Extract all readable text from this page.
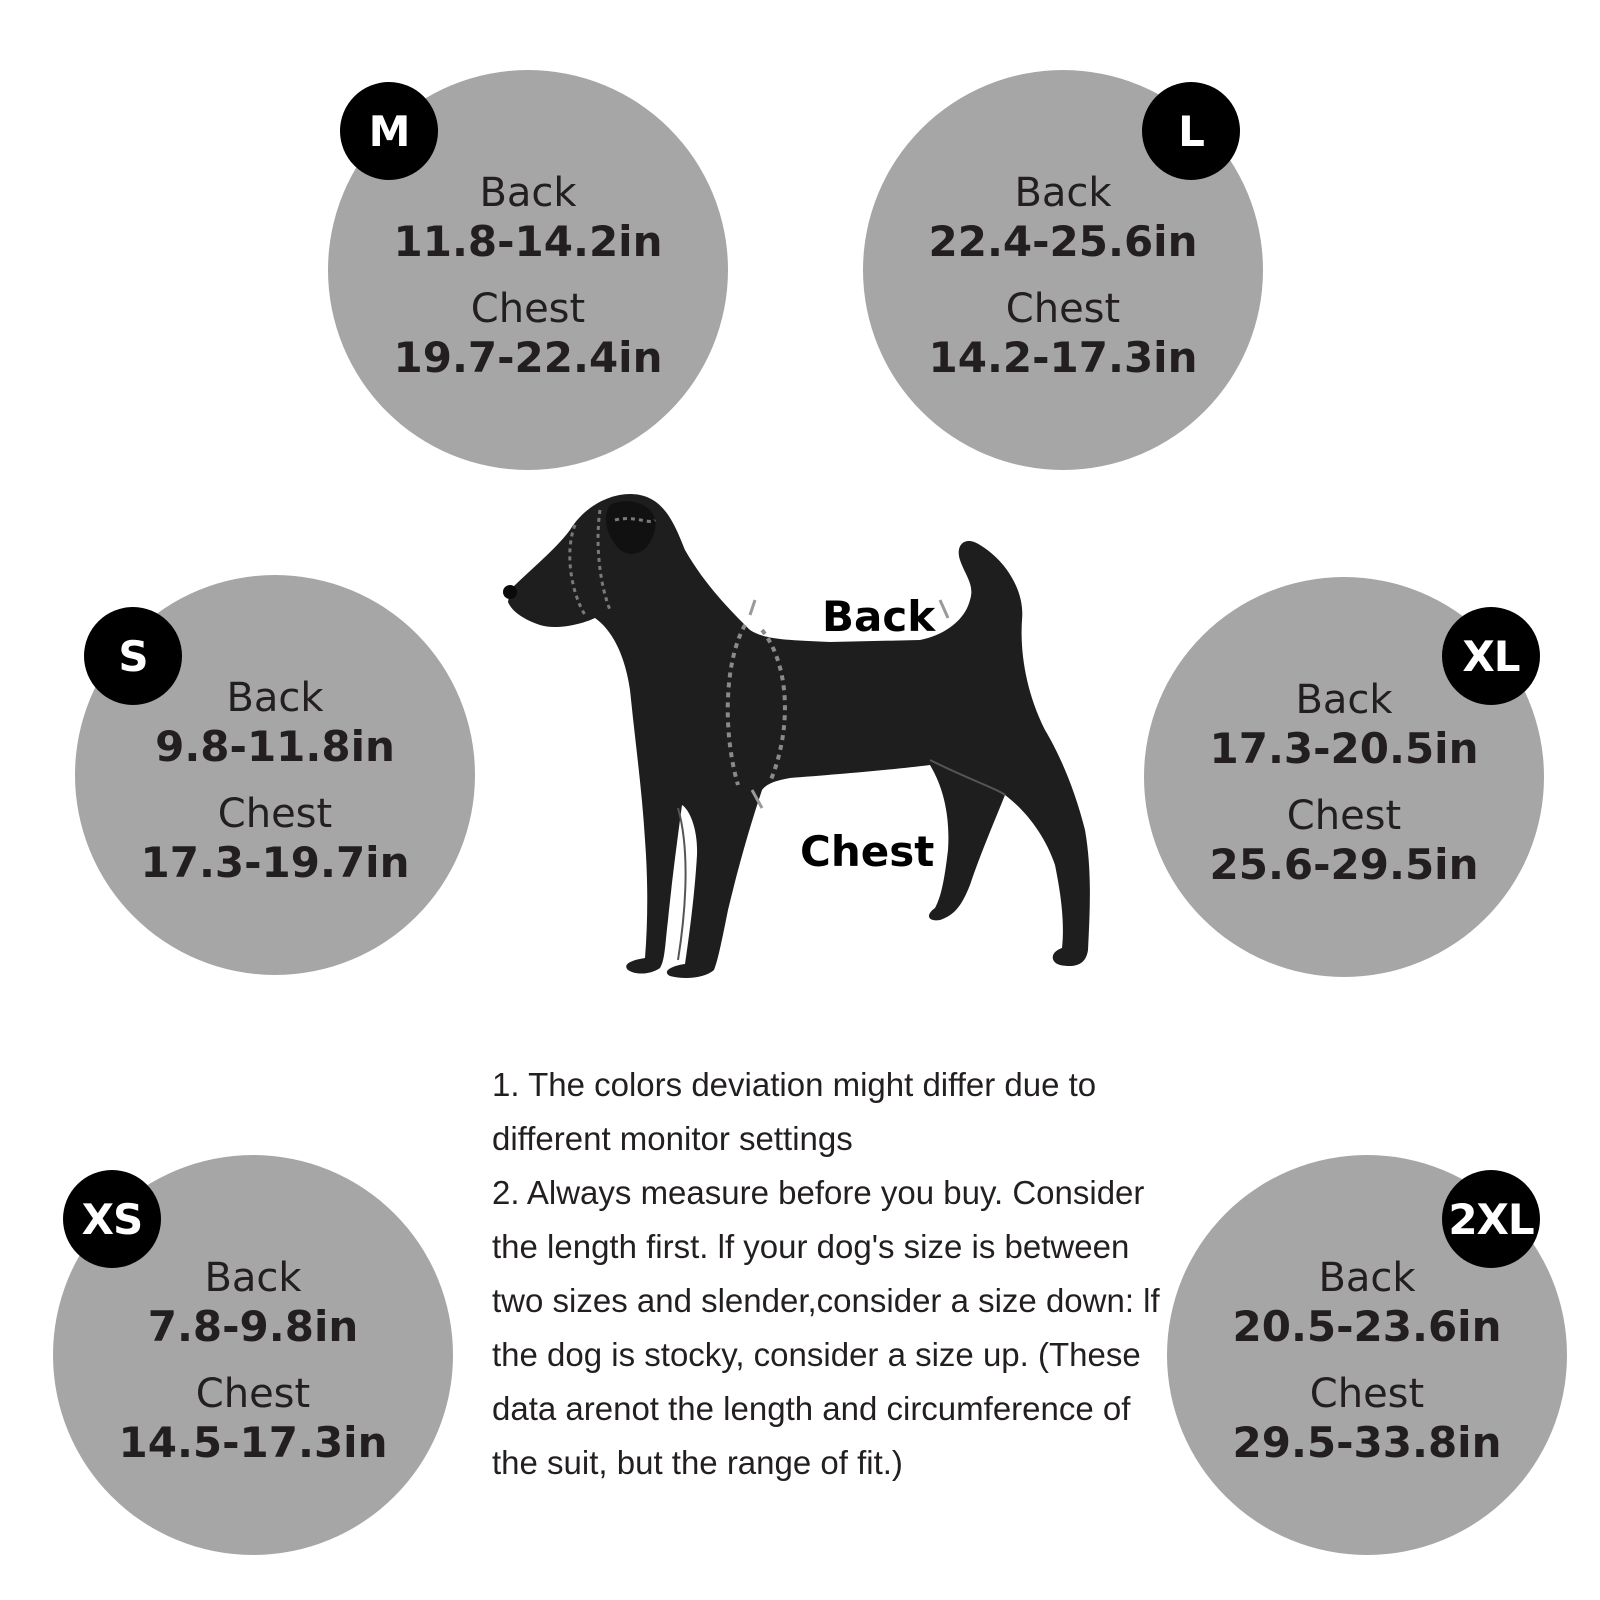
Back
11.8-14.2in
Chest
19.7-22.4in
M
Back
22.4-25.6in
Chest
14.2-17.3in
L
Back
9.8-11.8in
Chest
17.3-19.7in
S
Back
17.3-20.5in
Chest
25.6-29.5in
XL
Back
7.8-9.8in
Chest
14.5-17.3in
XS
Back
20.5-23.6in
Chest
29.5-33.8in
2XL
Back
Chest

1. The colors deviation might differ due to different monitor settings

2. Always measure before you buy. Consider the length first. lf your dog's size is between two sizes and slender,consider a size down: lf the dog is stocky, consider a size up. (These data arenot the length and circumference of the suit, but the range of fit.)
